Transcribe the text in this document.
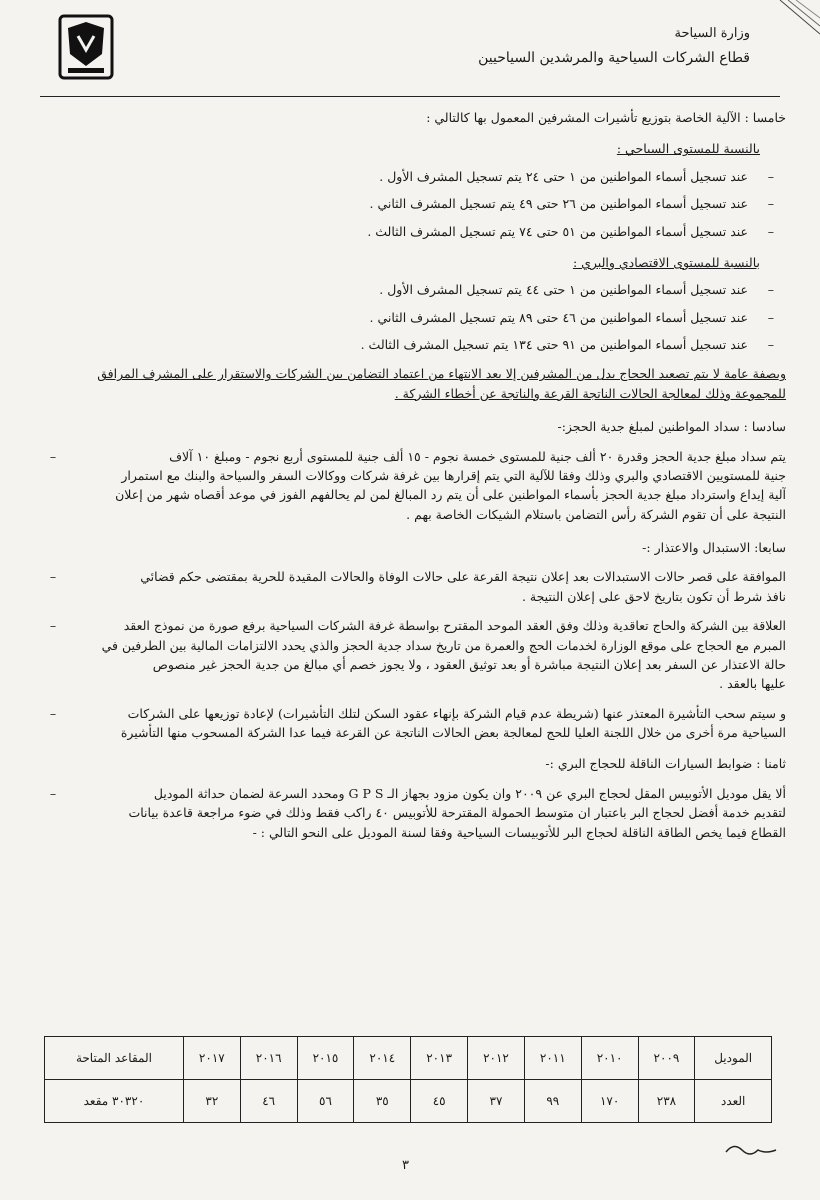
وزارة السياحة
قطاع الشركات السياحية والمرشدين السياحيين
خامسا : الآلية الخاصة بتوزيع تأشيرات المشرفين المعمول بها كالتالي :
بالنسبة للمستوى السياحي :
–عند تسجيل أسماء المواطنين من ١ حتى ٢٤ يتم تسجيل المشرف الأول .
–عند تسجيل أسماء المواطنين من ٢٦ حتى ٤٩ يتم تسجيل المشرف الثاني .
–عند تسجيل أسماء المواطنين من ٥١ حتى ٧٤ يتم تسجيل المشرف الثالث .
بالنسبة للمستوى الاقتصادي والبري :
–عند تسجيل أسماء المواطنين من ١ حتى ٤٤ يتم تسجيل المشرف الأول .
–عند تسجيل أسماء المواطنين من ٤٦ حتى ٨٩ يتم تسجيل المشرف الثاني .
–عند تسجيل أسماء المواطنين من ٩١ حتى ١٣٤ يتم تسجيل المشرف الثالث .
وبصفة عامة لا يتم تصعيد الحجاج بدل من المشرفين إلا بعد الانتهاء من اعتماد التضامن بين الشركات والاستقرار على المشرف المرافق
للمجموعة وذلك لمعالجة الحالات الناتجة القرعة والناتجة عن أخطاء الشركة .
سادسا : سداد المواطنين لمبلغ جدية الحجز:-
–	يتم سداد مبلغ جدية الحجز وقدرة ٢٠ ألف جنية للمستوى خمسة نجوم - ١٥ ألف جنية للمستوى أربع نجوم - ومبلغ ١٠ آلاف
جنية للمستويين الاقتصادي والبري وذلك وفقا للآلية التي يتم إقرارها بين غرفة شركات ووكالات السفر والسياحة والبنك مع استمرار
آلية إيداع واسترداد مبلغ جدية الحجز بأسماء المواطنين على أن يتم رد المبالغ لمن لم يحالفهم الفوز في موعد أقصاه شهر من إعلان
النتيجة على أن تقوم الشركة رأس التضامن باستلام الشيكات الخاصة بهم .
سابعا: الاستبدال والاعتذار :-
–	الموافقة على قصر حالات الاستبدالات بعد إعلان نتيجة القرعة على حالات الوفاة والحالات المقيدة للحرية بمقتضى حكم قضائي
نافذ شرط أن تكون بتاريخ لاحق على إعلان النتيجة .
–	العلاقة بين الشركة والحاج تعاقدية وذلك وفق العقد الموحد المقترح بواسطة غرفة الشركات السياحية برفع صورة من نموذج العقد
المبرم مع الحجاج على موقع الوزارة لخدمات الحج والعمرة من تاريخ سداد جدية الحجز والذي يحدد الالتزامات المالية بين الطرفين في
حالة الاعتذار عن السفر بعد إعلان النتيجة مباشرة أو بعد توثيق العقود ، ولا يجوز خصم أي مبالغ من جدية الحجز غير منصوص
عليها بالعقد .
–	و سيتم سحب التأشيرة المعتذر عنها (شريطة عدم قيام الشركة بإنهاء عقود السكن لتلك التأشيرات) لإعادة توزيعها على الشركات
السياحية مرة أخرى من خلال اللجنة العليا للحج لمعالجة بعض الحالات الناتجة عن القرعة فيما عدا الشركة المسحوب منها التأشيرة
ثامنا : ضوابط السيارات الناقلة للحجاج البري :-
–	ألا يقل موديل الأتوبيس المقل لحجاج البري عن ٢٠٠٩ وان يكون مزود بجهاز الـ G P S ومحدد السرعة لضمان حداثة الموديل
لتقديم خدمة أفضل لحجاج البر باعتبار ان متوسط الحمولة المقترحة للأتوبيس ٤٠ راكب فقط وذلك في ضوء مراجعة قاعدة بيانات
القطاع فيما يخص الطاقة الناقلة لحجاج البر للأتوبيسات السياحية وفقا لسنة الموديل على النحو التالي : -
الموديل	٢٠٠٩	٢٠١٠	٢٠١١	٢٠١٢	٢٠١٣	٢٠١٤	٢٠١٥	٢٠١٦	٢٠١٧	المقاعد المتاحة
العدد	٢٣٨	١٧٠	٩٩	٣٧	٤٥	٣٥	٥٦	٤٦	٣٢	٣٠٣٢٠ مقعد
٣
